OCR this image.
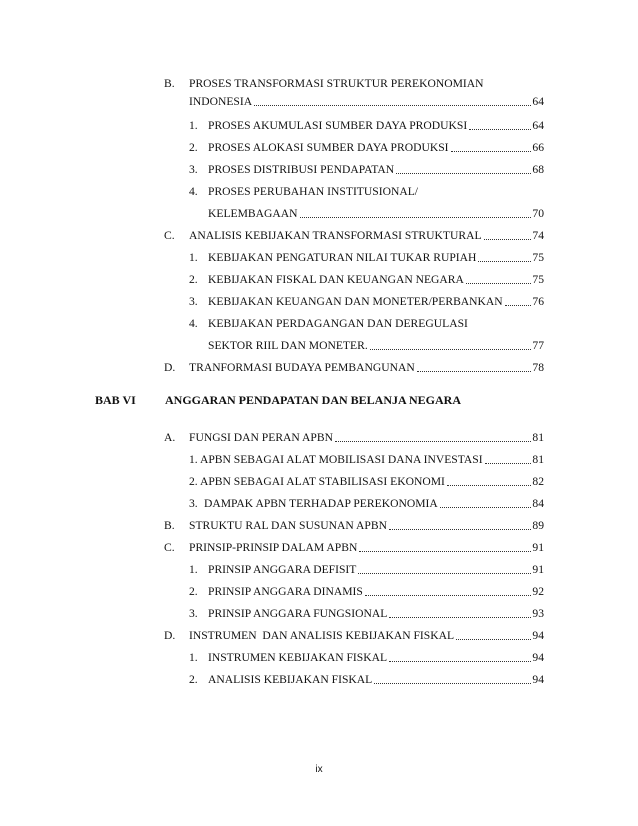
B. PROSES TRANSFORMASI STRUKTUR PEREKONOMIAN
INDONESIA	64
1. PROSES AKUMULASI SUMBER DAYA PRODUKSI	64
2. PROSES ALOKASI SUMBER DAYA PRODUKSI	66
3. PROSES DISTRIBUSI PENDAPATAN	68
4. PROSES PERUBAHAN INSTITUSIONAL/
KELEMBAGAAN	70
C.	ANALISIS KEBIJAKAN TRANSFORMASI STRUKTURAL	74
1. KEBIJAKAN PENGATURAN NILAI TUKAR RUPIAH	75
2. KEBIJAKAN FISKAL DAN KEUANGAN NEGARA	75
3. KEBIJAKAN KEUANGAN DAN MONETER/PERBANKAN	76
4. KEBIJAKAN PERDAGANGAN DAN DEREGULASI
SEKTOR RIIL DAN MONETER.	77
D.	TRANFORMASI BUDAYA PEMBANGUNAN	78
BAB VI ANGGARAN PENDAPATAN DAN BELANJA NEGARA
A.	FUNGSI DAN PERAN APBN	81
1. APBN SEBAGAI ALAT MOBILISASI DANA INVESTASI	81
2. APBN SEBAGAI ALAT STABILISASI EKONOMI	82
3. DAMPAK APBN TERHADAP PEREKONOMIA	84
B.	STRUKTU RAL DAN SUSUNAN APBN	89
C.	PRINSIP-PRINSIP DALAM APBN	91
1. PRINSIP ANGGARA DEFISIT	91
2. PRINSIP ANGGARA DINAMIS	92
3. PRINSIP ANGGARA FUNGSIONAL	93
D.	INSTRUMEN  DAN ANALISIS KEBIJAKAN FISKAL	94
1. INSTRUMEN KEBIJAKAN FISKAL	94
2. ANALISIS KEBIJAKAN FISKAL	94
ix
